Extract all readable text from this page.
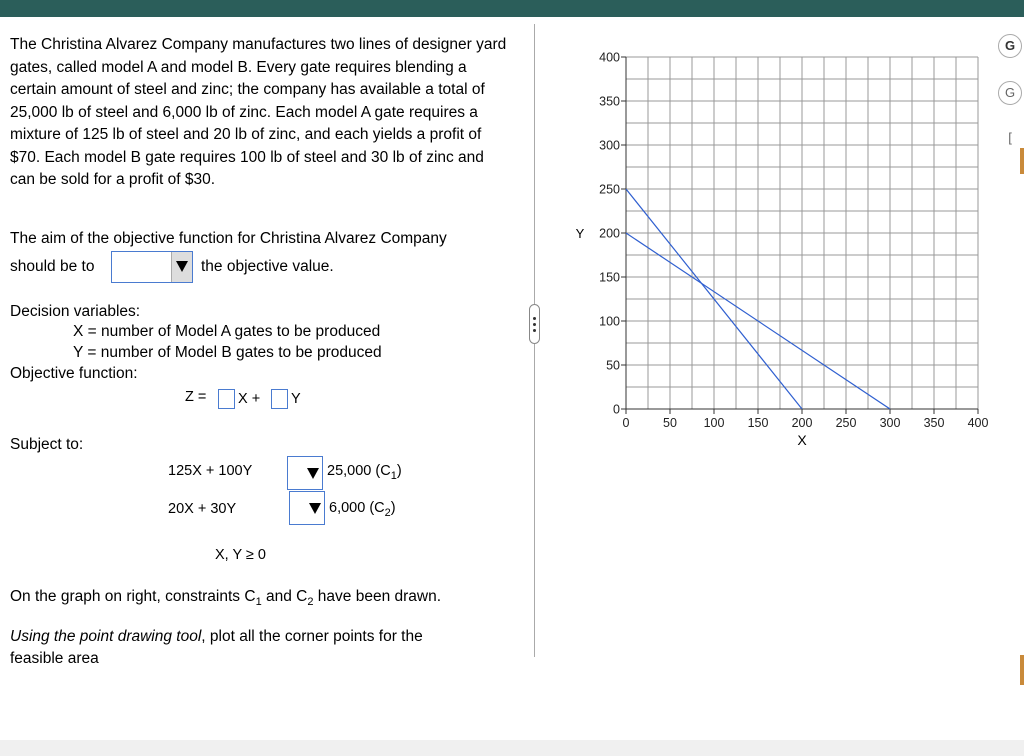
The Christina Alvarez Company manufactures two lines of designer yard gates, called model A and model B. Every gate requires blending a certain amount of steel and zinc; the company has available a total of 25,000 lb of steel and 6,000 lb of zinc. Each model A gate requires a mixture of 125 lb of steel and 20 lb of zinc, and each yields a profit of $70. Each model B gate requires 100 lb of steel and 30 lb of zinc and can be sold for a profit of $30.
The aim of the objective function for Christina Alvarez Company
should be to	the objective value.
Decision variables:
X = number of Model A gates to be produced
Y = number of Model B gates to be produced
Objective function:
Z = X + Y
Subject to:
125X + 100Y	25,000 $(C_1)$
20X + 30Y	6,000 $(C_2)$
X, Y ≥ 0
On the graph on right, constraints $C_1$ and $C_2$ have been drawn.
Using the point drawing tool, plot all the corner points for the
feasible area
0	50 100 150 200 250 300 350 400
0
50
100
150
200
250
300
350
400
X
Y
G
G
[
